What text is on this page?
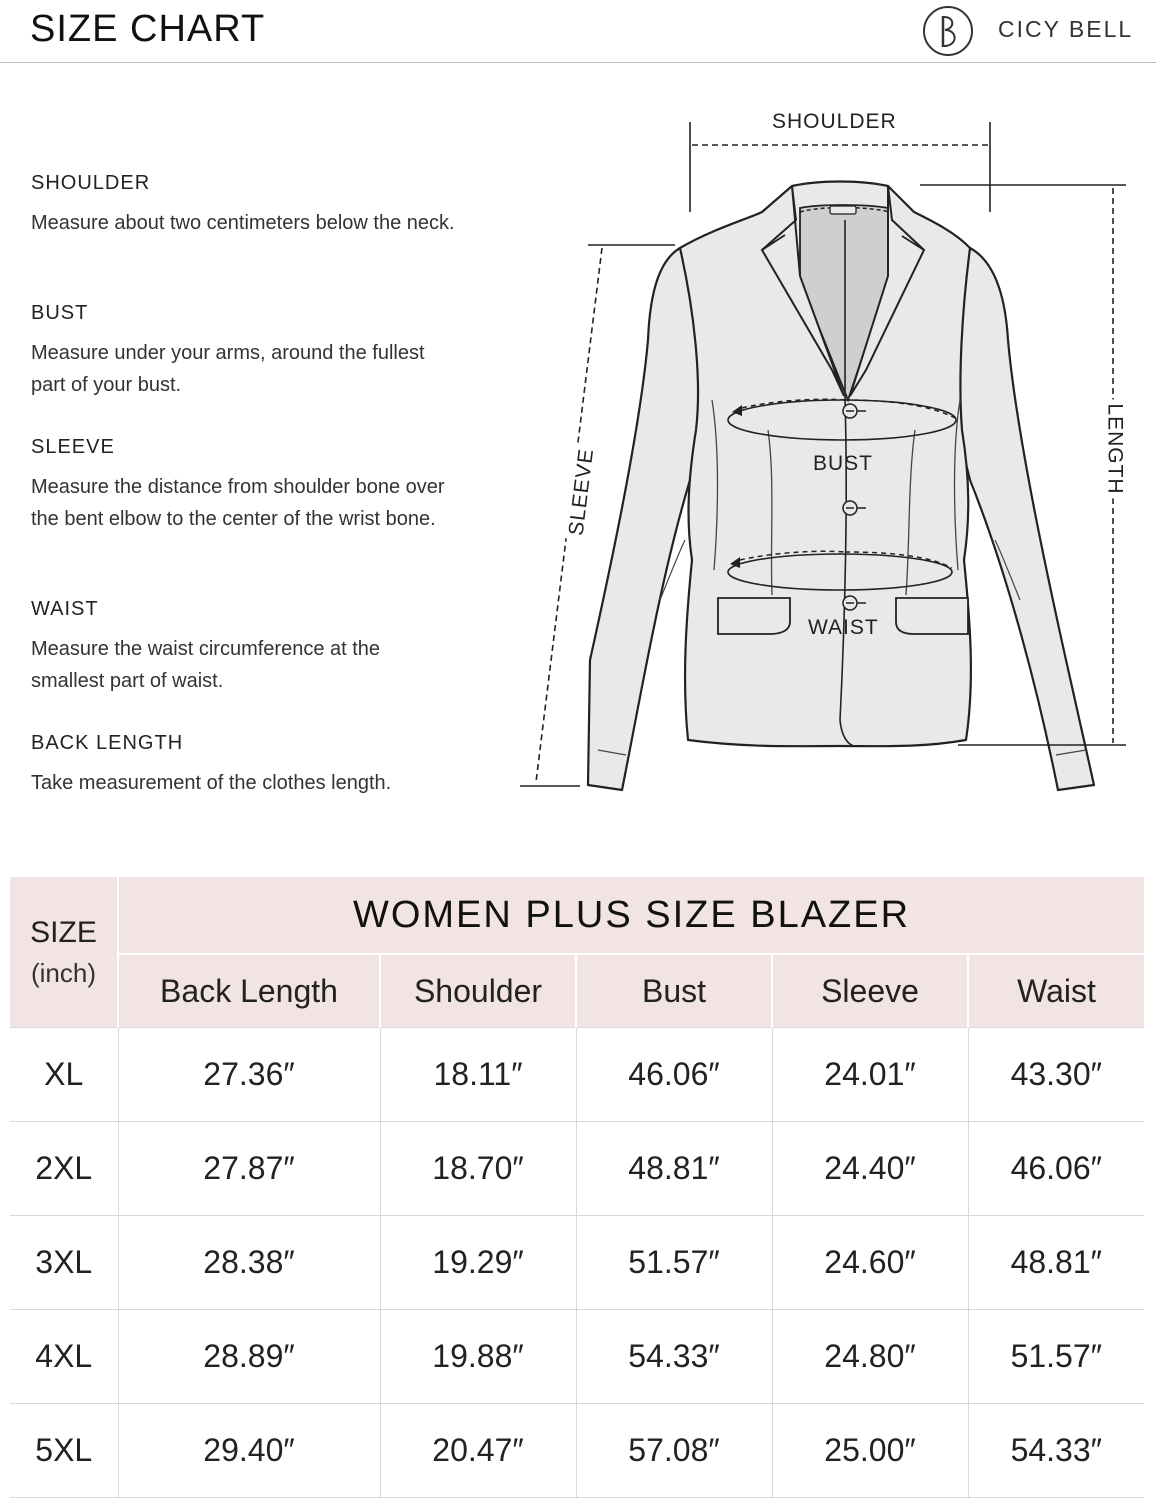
SIZE CHART	CICY BELL

SHOULDER

Measure about two centimeters below the neck.

BUST

Measure under your arms, around the fullest part of your bust.

SLEEVE

Measure the distance from shoulder bone over the bent elbow to the center of the wrist bone.

WAIST

Measure the waist circumference at the smallest part of waist.

BACK LENGTH

Take measurement of the clothes length.

SHOULDER
LENGTH
SLEEVE	BUST
WAIST
SIZE
(inch)	WOMEN PLUS SIZE BLAZER				
	Back Length	Shoulder	Bust	Sleeve	Waist
XL	27.36″	18.11″	46.06″	24.01″	43.30″
2XL	27.87″	18.70″	48.81″	24.40″	46.06″
3XL	28.38″	19.29″	51.57″	24.60″	48.81″
4XL	28.89″	19.88″	54.33″	24.80″	51.57″
5XL	29.40″	20.47″	57.08″	25.00″	54.33″
